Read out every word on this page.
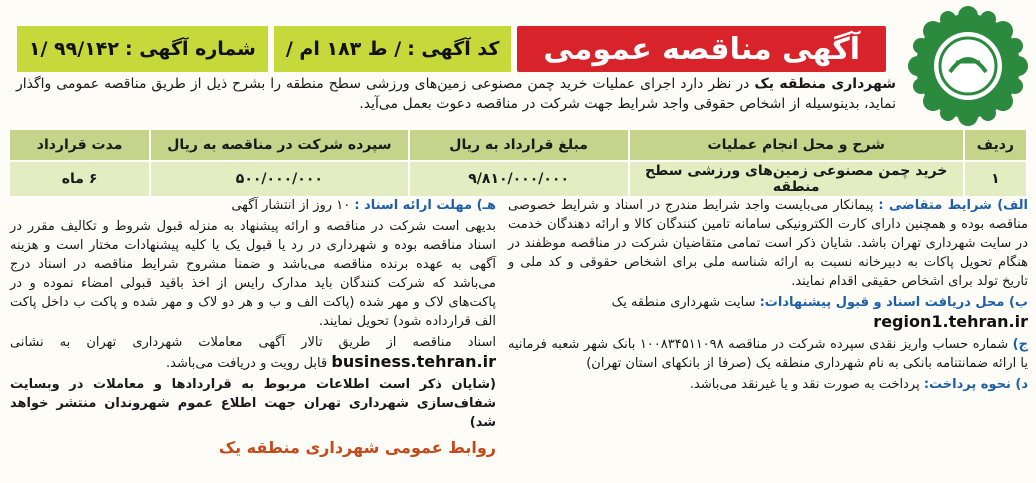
آگهی مناقصه عمومی
کد آگهی :
/ ط ۱۸۳ ام /
شماره آگهی :
۱/ ۹۹/۱۴۲
شهرداری منطقه یک در نظر دارد اجرای عملیات خرید چمن مصنوعی زمین‌های ورزشی سطح منطقه را بشرح ذیل از طریق مناقصه عمومی واگذار نماید، بدینوسیله از اشخاص حقوقی واجد شرایط جهت شرکت در مناقصه دعوت بعمل می‌آید.
ردیف	شرح و محل انجام عملیات	مبلغ قرارداد به ریال	سپرده شرکت در مناقصه به ریال	مدت قرارداد
۱	خرید چمن مصنوعی زمین‌های ورزشی سطح منطقه	۹/۸۱۰/۰۰۰/۰۰۰	۵۰۰/۰۰۰/۰۰۰	۶ ماه

الف) شرایط متقاضی : پیمانکار می‌بایست واجد شرایط مندرج در اسناد و شرایط خصوصی مناقصه بوده و همچنین دارای کارت الکترونیکی سامانه تامین کنندگان کالا و ارائه دهندگان خدمت در سایت شهرداری تهران باشد. شایان ذکر است تمامی متقاضیان شرکت در مناقصه موظفند در هنگام تحویل پاکات به دبیرخانه نسبت به ارائه شناسه ملی برای اشخاص حقوقی و کد ملی و تاریخ تولد برای اشخاص حقیقی اقدام نمایند.

ب) محل دریافت اسناد و قبول پیشنهادات: سایت شهرداری منطقه یک
region1.tehran.ir

ج) شماره حساب واریز نقدی سپرده شرکت در مناقصه ۱۰۰۸۳۴۵۱۱۰۹۸ بانک شهر شعبه فرمانیه یا ارائه ضمانتنامه بانکی به نام شهرداری منطقه یک (صرفا از بانکهای استان تهران)

د) نحوه پرداخت: پرداخت به صورت نقد و یا غیرنقد می‌باشد.

هـ) مهلت ارائه اسناد : ۱۰ روز از انتشار آگهی

بدیهی است شرکت در مناقصه و ارائه پیشنهاد به منزله قبول شروط و تکالیف مقرر در اسناد مناقصه بوده و شهرداری در رد یا قبول یک یا کلیه پیشنهادات مختار است و هزینه آگهی به عهده برنده مناقصه می‌باشد و ضمنا مشروح شرایط مناقصه در اسناد درج می‌باشد که شرکت کنندگان باید مدارک رایس از اخذ باقید قبولی امضاء نموده و در پاکت‌های لاک و مهر شده (پاکت الف و ب و هر دو لاک و مهر شده و پاکت ب داخل پاکت الف قرارداده شود) تحویل نمایند.

اسناد مناقصه از طریق تالار آگهی معاملات شهرداری تهران به نشانی business.tehran.ir قابل رویت و دریافت می‌باشد.

(شایان ذکر است اطلاعات مربوط به قراردادها و معاملات در وبسایت شفاف‌سازی شهرداری تهران جهت اطلاع عموم شهروندان منتشر خواهد شد)

روابط عمومی شهرداری منطقه یک
